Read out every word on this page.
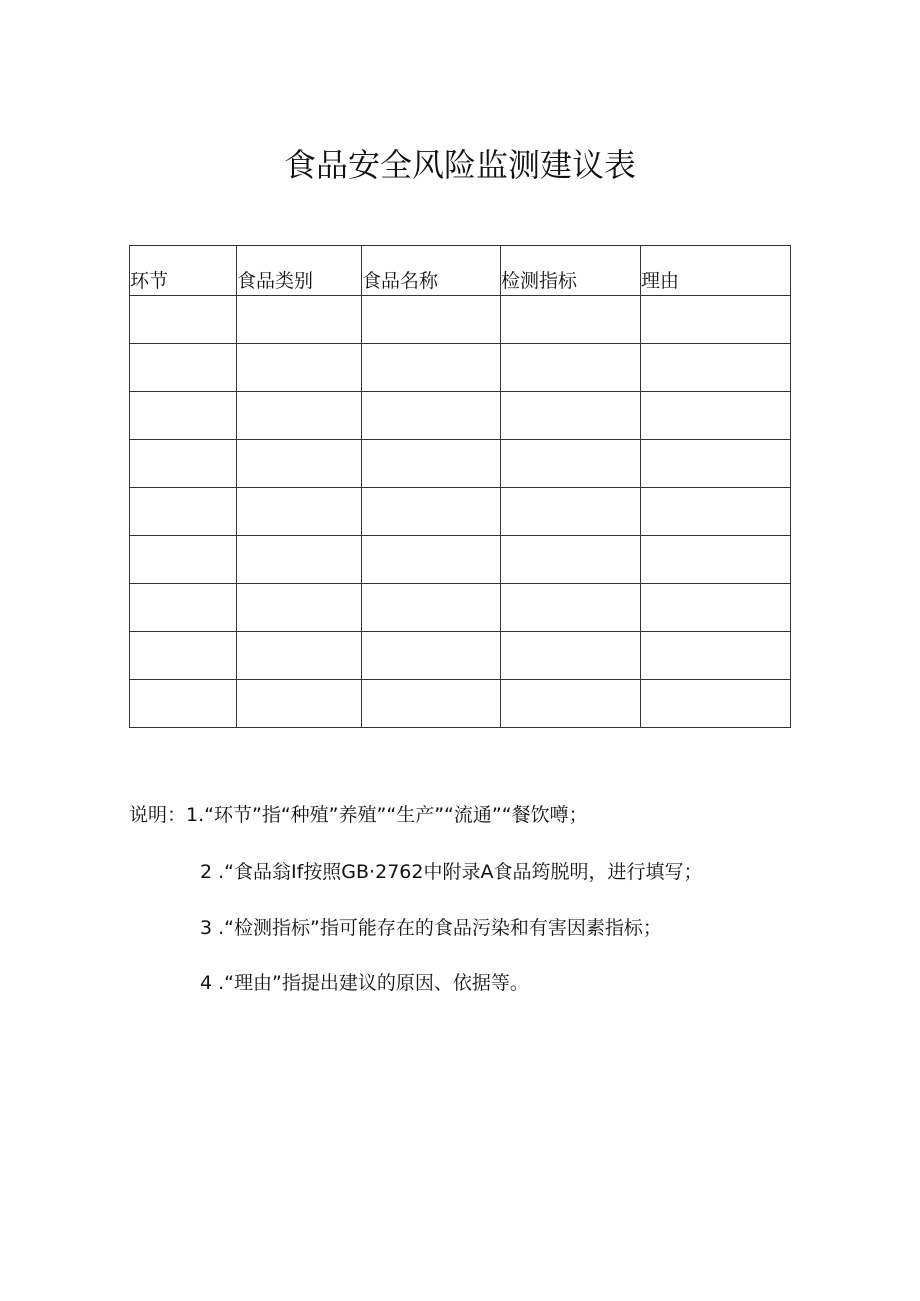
食品安全风险监测建议表
环节	食品类别	食品名称	检测指标	理由

说明：1.“环节”指“种殖”养殖”“生产”“流通”“餐饮噂；
2 .“食品翁If按照GB·2762中附录A食品筠脱明，进行填写；
3 .“检测指标”指可能存在的食品污染和有害因素指标；
4 .“理由”指提出建议的原因、依据等。
